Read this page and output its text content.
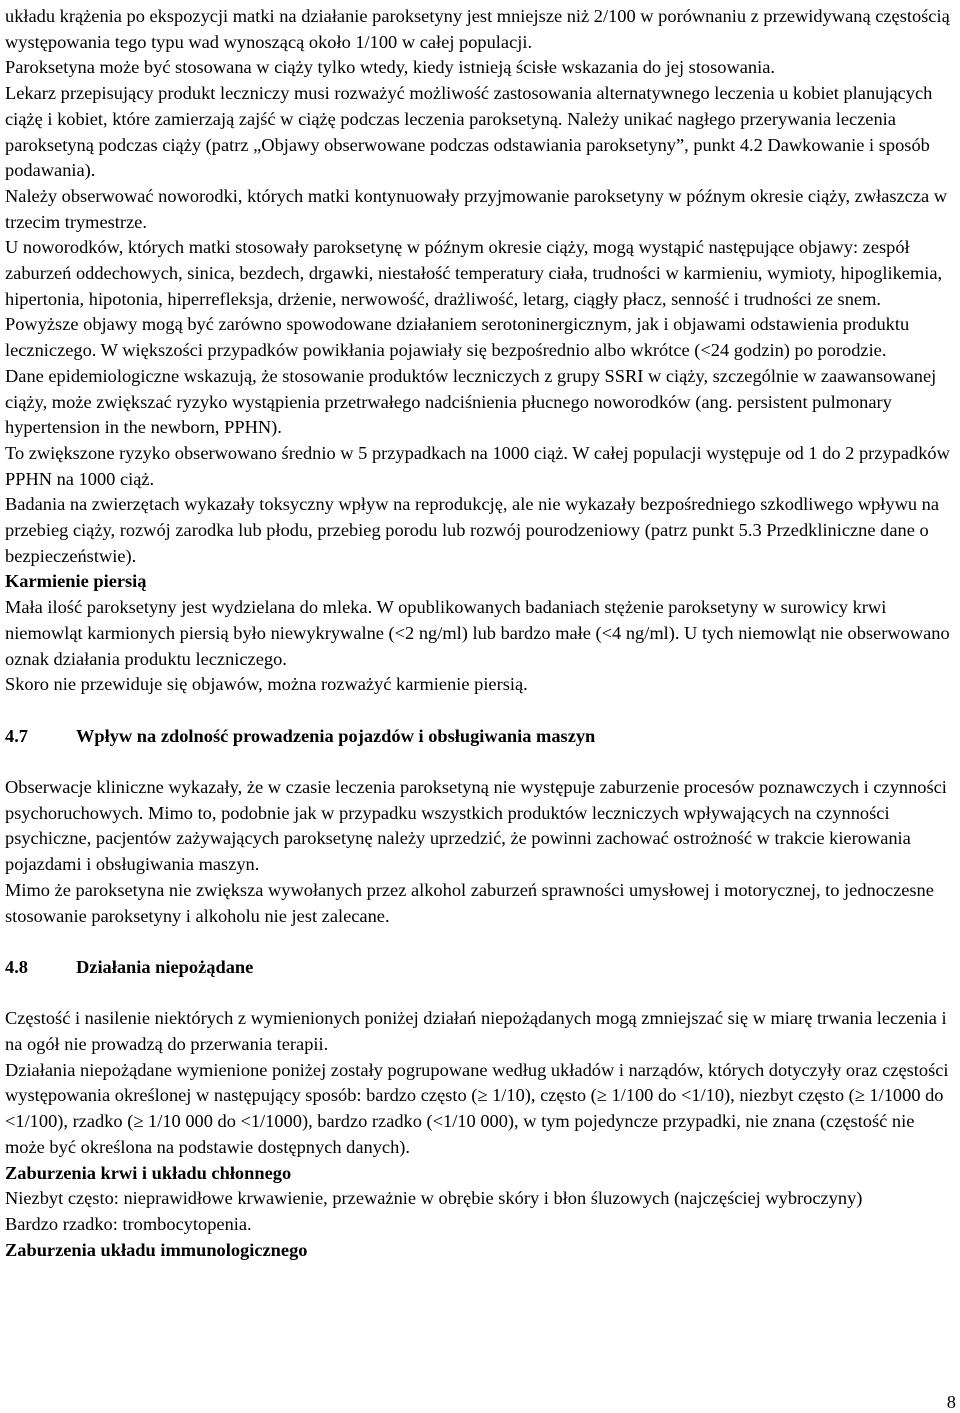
układu krążenia po ekspozycji matki na działanie paroksetyny jest mniejsze niż 2/100 w porównaniu z przewidywaną częstością występowania tego typu wad wynoszącą około 1/100 w całej populacji.

Paroksetyna może być stosowana w ciąży tylko wtedy, kiedy istnieją ścisłe wskazania do jej stosowania.

Lekarz przepisujący produkt leczniczy musi rozważyć możliwość zastosowania alternatywnego leczenia u kobiet planujących ciążę i kobiet, które zamierzają zajść w ciążę podczas leczenia paroksetyną. Należy unikać nagłego przerywania leczenia paroksetyną podczas ciąży (patrz „Objawy obserwowane podczas odstawiania paroksetyny”, punkt 4.2 Dawkowanie i sposób podawania).

Należy obserwować noworodki, których matki kontynuowały przyjmowanie paroksetyny w późnym okresie ciąży, zwłaszcza w trzecim trymestrze.

U noworodków, których matki stosowały paroksetynę w późnym okresie ciąży, mogą wystąpić następujące objawy: zespół zaburzeń oddechowych, sinica, bezdech, drgawki, niestałość temperatury ciała, trudności w karmieniu, wymioty, hipoglikemia, hipertonia, hipotonia, hiperrefleksja, drżenie, nerwowość, drażliwość, letarg, ciągły płacz, senność i trudności ze snem. Powyższe objawy mogą być zarówno spowodowane działaniem serotoninergicznym, jak i objawami odstawienia produktu leczniczego. W większości przypadków powikłania pojawiały się bezpośrednio albo wkrótce (<24 godzin) po porodzie.

Dane epidemiologiczne wskazują, że stosowanie produktów leczniczych z grupy SSRI w ciąży, szczególnie w zaawansowanej ciąży, może zwiększać ryzyko wystąpienia przetrwałego nadciśnienia płucnego noworodków (ang. persistent pulmonary hypertension in the newborn, PPHN).

To zwiększone ryzyko obserwowano średnio w 5 przypadkach na 1000 ciąż. W całej populacji występuje od 1 do 2 przypadków PPHN na 1000 ciąż.

Badania na zwierzętach wykazały toksyczny wpływ na reprodukcję, ale nie wykazały bezpośredniego szkodliwego wpływu na przebieg ciąży, rozwój zarodka lub płodu, przebieg porodu lub rozwój pourodzeniowy (patrz punkt 5.3 Przedkliniczne dane o bezpieczeństwie).

Karmienie piersią

Mała ilość paroksetyny jest wydzielana do mleka. W opublikowanych badaniach stężenie paroksetyny w surowicy krwi niemowląt karmionych piersią było niewykrywalne (<2 ng/ml) lub bardzo małe (<4 ng/ml). U tych niemowląt nie obserwowano oznak działania produktu leczniczego.

Skoro nie przewiduje się objawów, można rozważyć karmienie piersią.

4.7	Wpływ na zdolność prowadzenia pojazdów i obsługiwania maszyn

Obserwacje kliniczne wykazały, że w czasie leczenia paroksetyną nie występuje zaburzenie procesów poznawczych i czynności psychoruchowych. Mimo to, podobnie jak w przypadku wszystkich produktów leczniczych wpływających na czynności psychiczne, pacjentów zażywających paroksetynę należy uprzedzić, że powinni zachować ostrożność w trakcie kierowania pojazdami i obsługiwania maszyn.

Mimo że paroksetyna nie zwiększa wywołanych przez alkohol zaburzeń sprawności umysłowej i motorycznej, to jednoczesne stosowanie paroksetyny i alkoholu nie jest zalecane.

4.8	Działania niepożądane

Częstość i nasilenie niektórych z wymienionych poniżej działań niepożądanych mogą zmniejszać się w miarę trwania leczenia i na ogół nie prowadzą do przerwania terapii.

Działania niepożądane wymienione poniżej zostały pogrupowane według układów i narządów, których dotyczyły oraz częstości występowania określonej w następujący sposób: bardzo często (≥ 1/10), często (≥ 1/100 do <1/10), niezbyt często (≥ 1/1000 do <1/100), rzadko (≥ 1/10 000 do <1/1000), bardzo rzadko (<1/10 000), w tym pojedyncze przypadki, nie znana (częstość nie może być określona na podstawie dostępnych danych).

Zaburzenia krwi i układu chłonnego

Niezbyt często: nieprawidłowe krwawienie, przeważnie w obrębie skóry i błon śluzowych (najczęściej wybroczyny)

Bardzo rzadko: trombocytopenia.

Zaburzenia układu immunologicznego

8
